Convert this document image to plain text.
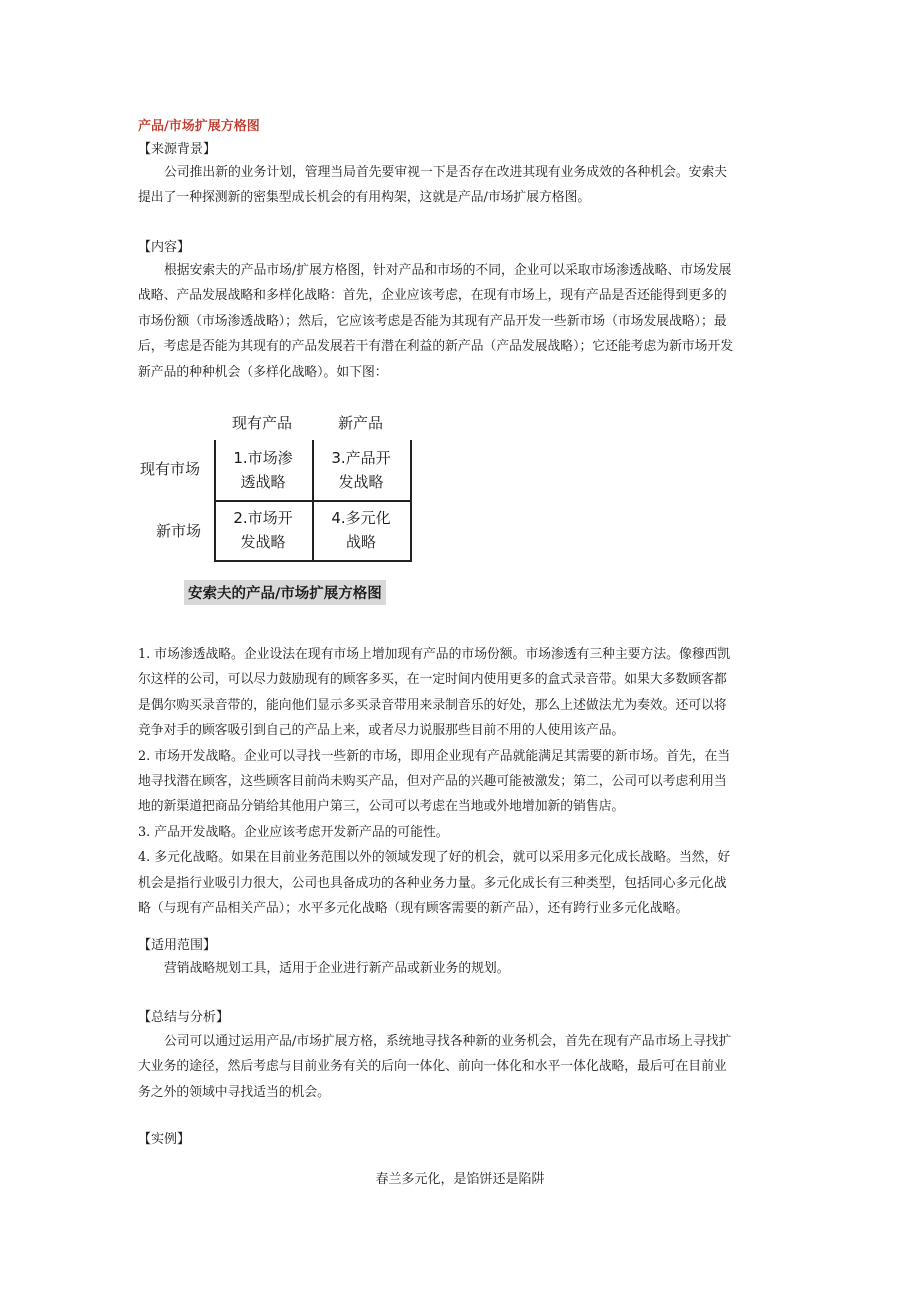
产品/市场扩展方格图
【来源背景】
公司推出新的业务计划，管理当局首先要审视一下是否存在改进其现有业务成效的各种机会。安索夫
提出了一种探测新的密集型成长机会的有用构架，这就是产品/市场扩展方格图。
【内容】
根据安索夫的产品市场/扩展方格图，针对产品和市场的不同，企业可以采取市场渗透战略、市场发展
战略、产品发展战略和多样化战略：首先，企业应该考虑，在现有市场上，现有产品是否还能得到更多的
市场份额（市场渗透战略）；然后，它应该考虑是否能为其现有产品开发一些新市场（市场发展战略）；最
后，考虑是否能为其现有的产品发展若干有潜在利益的新产品（产品发展战略）；它还能考虑为新市场开发
新产品的种种机会（多样化战略）。如下图：
现有产品	新产品
现有市场
新市场
1.市场渗
透战略
3.产品开
发战略
2.市场开
发战略
4.多元化
战略
安索夫的产品/市场扩展方格图
1. 市场渗透战略。企业设法在现有市场上增加现有产品的市场份额。市场渗透有三种主要方法。像穆西凯
尔这样的公司，可以尽力鼓励现有的顾客多买，在一定时间内使用更多的盒式录音带。如果大多数顾客都
是偶尔购买录音带的，能向他们显示多买录音带用来录制音乐的好处，那么上述做法尤为奏效。还可以将
竞争对手的顾客吸引到自己的产品上来，或者尽力说服那些目前不用的人使用该产品。
2. 市场开发战略。企业可以寻找一些新的市场，即用企业现有产品就能满足其需要的新市场。首先，在当
地寻找潜在顾客，这些顾客目前尚未购买产品，但对产品的兴趣可能被激发；第二，公司可以考虑利用当
地的新渠道把商品分销给其他用户第三，公司可以考虑在当地或外地增加新的销售店。
3. 产品开发战略。企业应该考虑开发新产品的可能性。
4. 多元化战略。如果在目前业务范围以外的领域发现了好的机会，就可以采用多元化成长战略。当然，好
机会是指行业吸引力很大，公司也具备成功的各种业务力量。多元化成长有三种类型，包括同心多元化战
略（与现有产品相关产品）；水平多元化战略（现有顾客需要的新产品），还有跨行业多元化战略。
【适用范围】
营销战略规划工具，适用于企业进行新产品或新业务的规划。
【总结与分析】
公司可以通过运用产品/市场扩展方格，系统地寻找各种新的业务机会，首先在现有产品市场上寻找扩
大业务的途径，然后考虑与目前业务有关的后向一体化、前向一体化和水平一体化战略，最后可在目前业
务之外的领域中寻找适当的机会。
【实例】
春兰多元化，是馅饼还是陷阱
